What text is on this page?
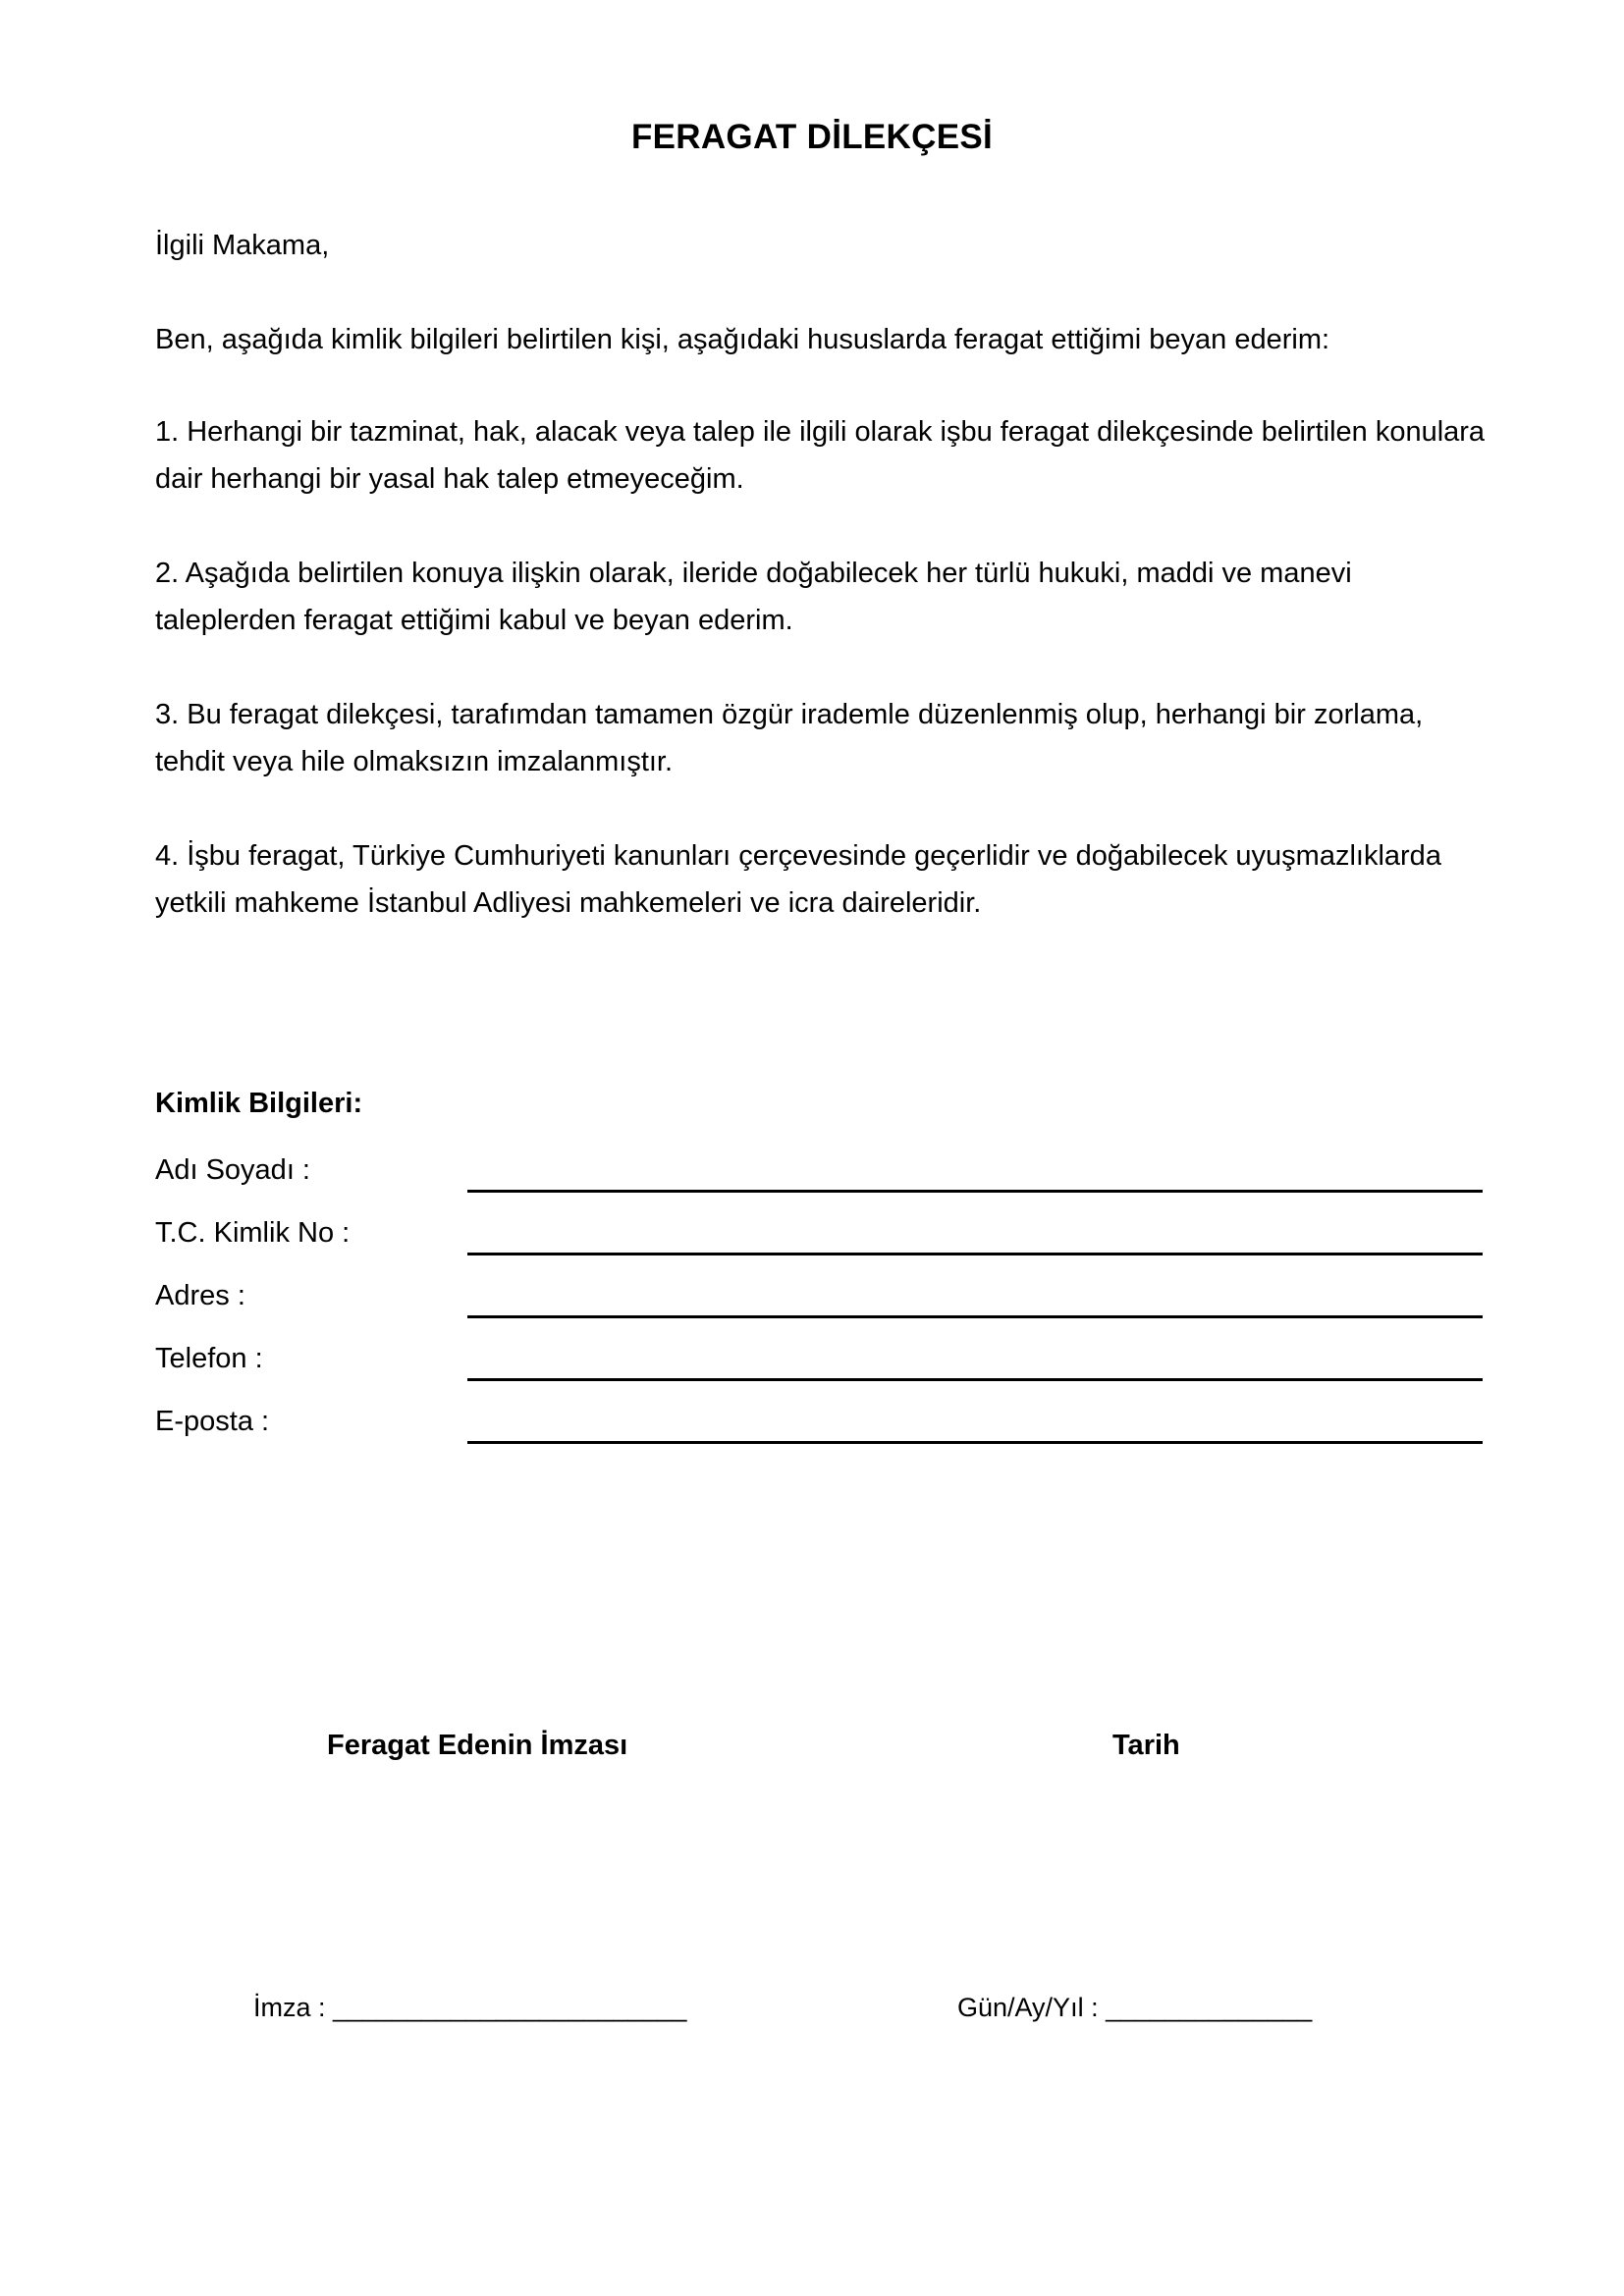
FERAGAT DİLEKÇESİ

İlgili Makama,

Ben, aşağıda kimlik bilgileri belirtilen kişi, aşağıdaki hususlarda feragat ettiğimi beyan ederim:

1. Herhangi bir tazminat, hak, alacak veya talep ile ilgili olarak işbu feragat dilekçesinde belirtilen konulara dair herhangi bir yasal hak talep etmeyeceğim.

2. Aşağıda belirtilen konuya ilişkin olarak, ileride doğabilecek her türlü hukuki, maddi ve manevi taleplerden feragat ettiğimi kabul ve beyan ederim.

3. Bu feragat dilekçesi, tarafımdan tamamen özgür irademle düzenlenmiş olup, herhangi bir zorlama, tehdit veya hile olmaksızın imzalanmıştır.

4. İşbu feragat, Türkiye Cumhuriyeti kanunları çerçevesinde geçerlidir ve doğabilecek uyuşmazlıklarda yetkili mahkeme İstanbul Adliyesi mahkemeleri ve icra daireleridir.

Kimlik Bilgileri:
Adı Soyadı :
T.C. Kimlik No :
Adres :
Telefon :
E-posta :
Feragat Edenin İmzası	Tarih
İmza : ________________________	Gün/Ay/Yıl : ______________
